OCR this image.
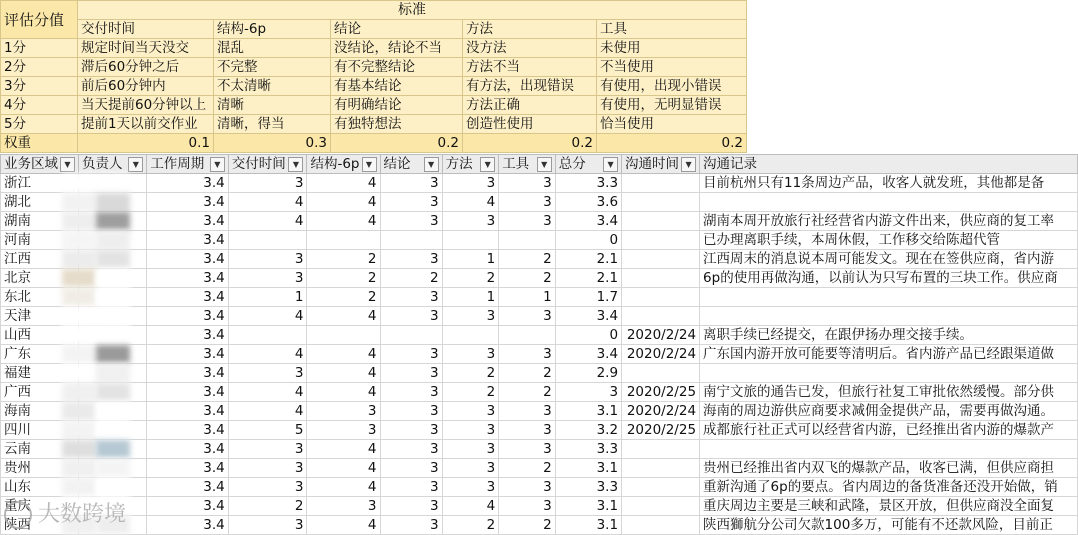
评估分值	标准				
	交付时间	结构-6p	结论	方法	工具
1分	规定时间当天没交	混乱	没结论，结论不当	没方法	未使用
2分	滞后60分钟之后	不完整	有不完整结论	方法不当	不当使用
3分	前后60分钟内	不太清晰	有基本结论	有方法，出现错误	有使用，出现小错误
4分	当天提前60分钟以上	清晰	有明确结论	方法正确	有使用，无明显错误
5分	提前1天以前交作业	清晰，得当	有独特想法	创造性使用	恰当使用
权重	0.1	0.3	0.2	0.2	0.2
业务区域 ▼	负责人 ▼	工作周期 ▼	交付时间 ▼	结构-6p ▼	结论 ▼	方法 ▼	工具 ▼	总分 ▼	沟通时间 ▼	沟通记录

浙江		3.4	3	4	3	3	3	3.3		目前杭州只有11条周边产品，收客人就发班，其他都是备
湖北		3.4	4	4	3	4	3	3.6		
湖南		3.4	4	4	3	3	3	3.4		湖南本周开放旅行社经营省内游文件出来，供应商的复工率
河南		3.4						0		已办理离职手续，本周休假，工作移交给陈超代管
江西		3.4	3	2	3	1	2	2.1		江西周末的消息说本周可能发文。现在在签供应商，省内游
北京		3.4	3	2	2	2	2	2.1		6p的使用再做沟通，以前认为只写布置的三块工作。供应商
东北		3.4	1	2	3	1	1	1.7		
天津		3.4	4	4	3	3	3	3.4		
山西		3.4						0	2020/2/24	离职手续已经提交，在跟伊扬办理交接手续。
广东		3.4	4	4	3	3	3	3.4	2020/2/24	广东国内游开放可能要等清明后。省内游产品已经跟渠道做
福建		3.4	3	4	3	2	2	2.9		
广西		3.4	4	4	3	2	2	3	2020/2/25	南宁文旅的通告已发，但旅行社复工审批依然缓慢。部分供
海南		3.4	4	3	3	3	3	3.1	2020/2/24	海南的周边游供应商要求减佣金提供产品，需要再做沟通。
四川		3.4	5	3	3	3	3	3.2	2020/2/25	成都旅行社正式可以经营省内游，已经推出省内游的爆款产
云南		3.4	3	4	3	3	3	3.3		
贵州		3.4	3	4	3	3	2	3.1		贵州已经推出省内双飞的爆款产品，收客已满，但供应商担
山东		3.4	3	4	3	3	3	3.3		重新沟通了6p的要点。省内周边的备货准备还没开始做，销
重庆		3.4	2	3	3	4	3	3.1		重庆周边主要是三峡和武隆，景区开放，但供应商没全面复
陕西		3.4	3	4	3	2	2	3.1		陕西獅航分公司欠款100多万，可能有不还款风险，目前正
大数跨境
